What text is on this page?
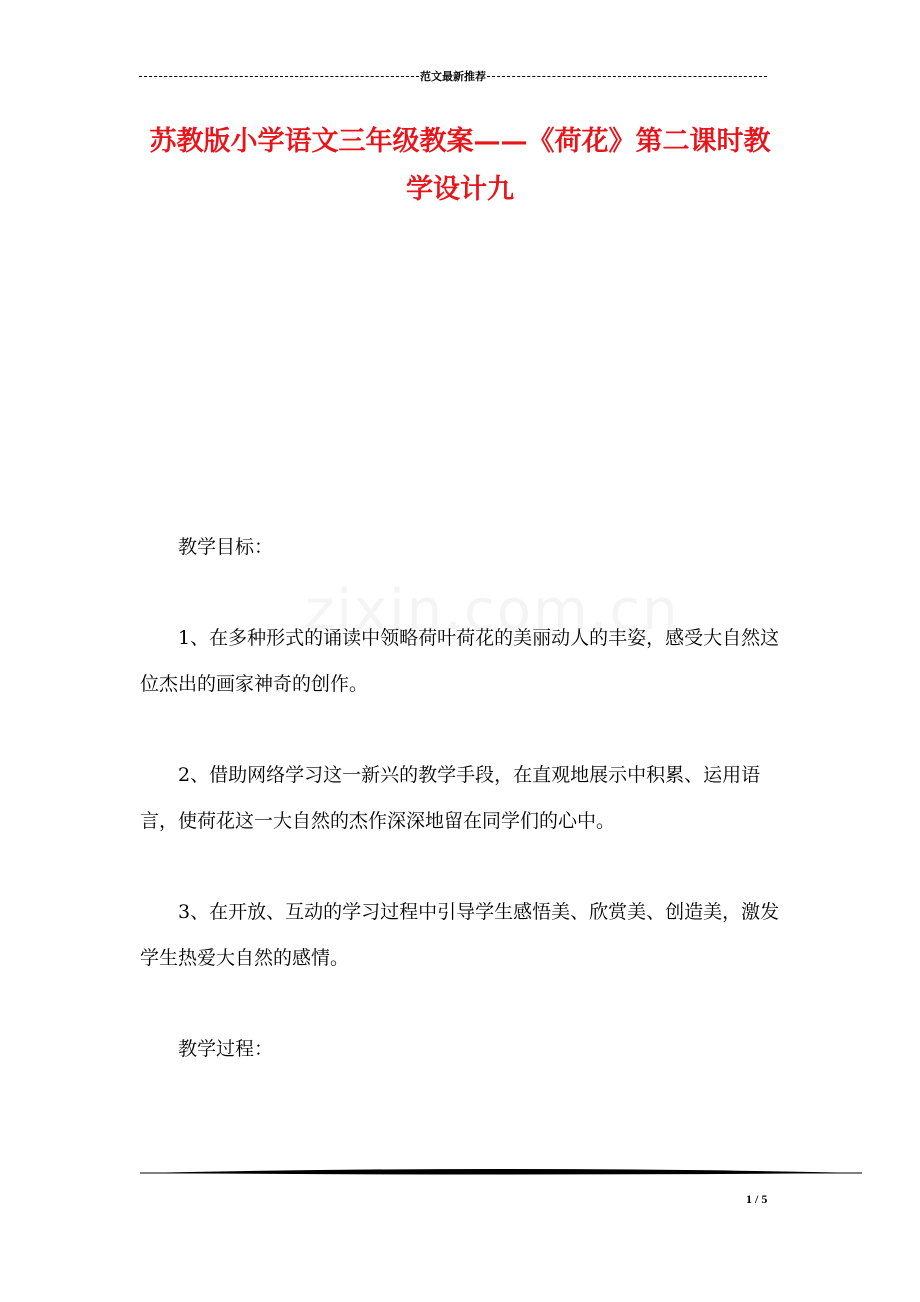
范文最新推荐
苏教版小学语文三年级教案——《荷花》第二课时教学设计九

教学目标：

1、在多种形式的诵读中领略荷叶荷花的美丽动人的丰姿，感受大自然这位杰出的画家神奇的创作。

2、借助网络学习这一新兴的教学手段，在直观地展示中积累、运用语言，使荷花这一大自然的杰作深深地留在同学们的心中。

3、在开放、互动的学习过程中引导学生感悟美、欣赏美、创造美，激发学生热爱大自然的感情。

教学过程：

1 / 5
